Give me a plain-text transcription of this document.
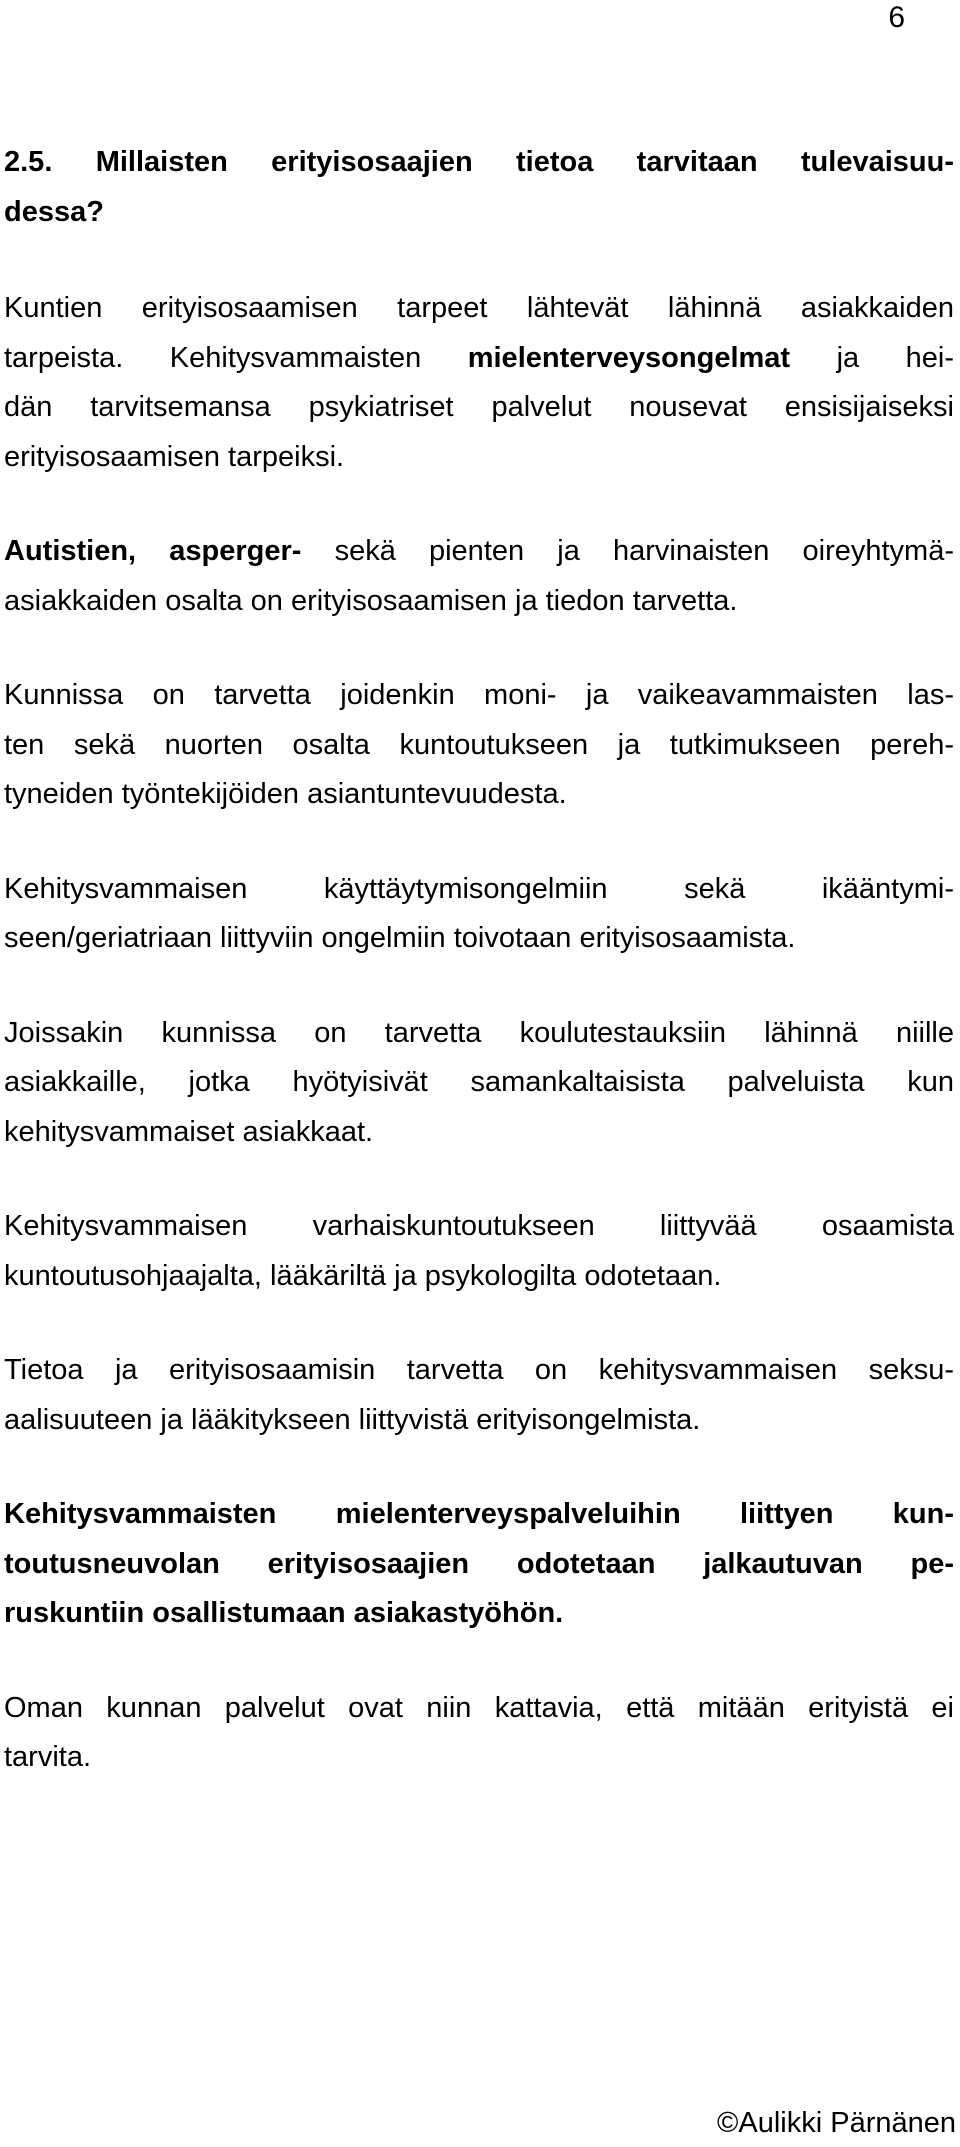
6
2.5. Millaisten erityisosaajien tietoa tarvitaan tulevaisuu-
dessa?
Kuntien erityisosaamisen tarpeet lähtevät lähinnä asiakkaiden
tarpeista. Kehitysvammaisten mielenterveysongelmat ja hei-
dän tarvitsemansa psykiatriset palvelut nousevat ensisijaiseksi
erityisosaamisen tarpeiksi.
Autistien, asperger- sekä pienten ja harvinaisten oireyhtymä-
asiakkaiden osalta on erityisosaamisen ja tiedon tarvetta.
Kunnissa on tarvetta joidenkin moni- ja vaikeavammaisten las-
ten sekä nuorten osalta kuntoutukseen ja tutkimukseen pereh-
tyneiden työntekijöiden asiantuntevuudesta.
Kehitysvammaisen käyttäytymisongelmiin sekä ikääntymi-
seen/geriatriaan liittyviin ongelmiin toivotaan erityisosaamista.
Joissakin kunnissa on tarvetta koulutestauksiin lähinnä niille
asiakkaille, jotka hyötyisivät samankaltaisista palveluista kun
kehitysvammaiset asiakkaat.
Kehitysvammaisen varhaiskuntoutukseen liittyvää osaamista
kuntoutusohjaajalta, lääkäriltä ja psykologilta odotetaan.
Tietoa ja erityisosaamisin tarvetta on kehitysvammaisen seksu-
aalisuuteen ja lääkitykseen liittyvistä erityisongelmista.
Kehitysvammaisten mielenterveyspalveluihin liittyen kun-
toutusneuvolan erityisosaajien odotetaan jalkautuvan pe-
ruskuntiin osallistumaan asiakastyöhön.
Oman kunnan palvelut ovat niin kattavia, että mitään erityistä ei
tarvita.
©Aulikki Pärnänen
